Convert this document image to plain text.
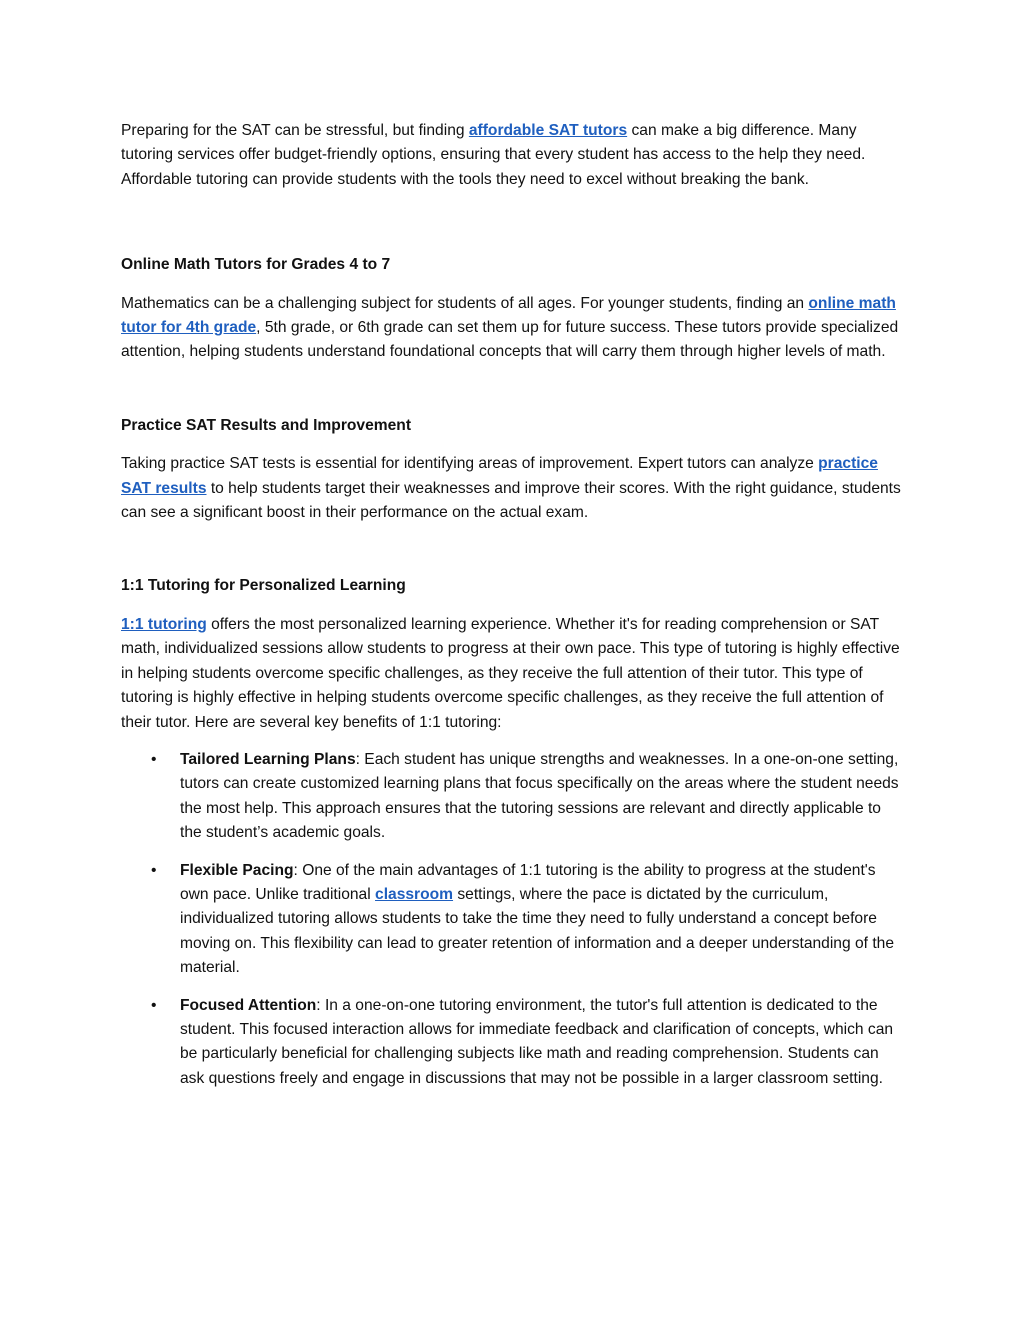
Preparing for the SAT can be stressful, but finding affordable SAT tutors can make a big difference. Many tutoring services offer budget-friendly options, ensuring that every student has access to the help they need. Affordable tutoring can provide students with the tools they need to excel without breaking the bank.

Online Math Tutors for Grades 4 to 7

Mathematics can be a challenging subject for students of all ages. For younger students, finding an online math tutor for 4th grade, 5th grade, or 6th grade can set them up for future success. These tutors provide specialized attention, helping students understand foundational concepts that will carry them through higher levels of math.

Practice SAT Results and Improvement

Taking practice SAT tests is essential for identifying areas of improvement. Expert tutors can analyze practice SAT results to help students target their weaknesses and improve their scores. With the right guidance, students can see a significant boost in their performance on the actual exam.

1:1 Tutoring for Personalized Learning

1:1 tutoring offers the most personalized learning experience. Whether it's for reading comprehension or SAT math, individualized sessions allow students to progress at their own pace. This type of tutoring is highly effective in helping students overcome specific challenges, as they receive the full attention of their tutor. This type of tutoring is highly effective in helping students overcome specific challenges, as they receive the full attention of their tutor. Here are several key benefits of 1:1 tutoring:

• Tailored Learning Plans: Each student has unique strengths and weaknesses. In a one-on-one setting, tutors can create customized learning plans that focus specifically on the areas where the student needs the most help. This approach ensures that the tutoring sessions are relevant and directly applicable to the student’s academic goals.
• Flexible Pacing: One of the main advantages of 1:1 tutoring is the ability to progress at the student's own pace. Unlike traditional classroom settings, where the pace is dictated by the curriculum, individualized tutoring allows students to take the time they need to fully understand a concept before moving on. This flexibility can lead to greater retention of information and a deeper understanding of the material.
• Focused Attention: In a one-on-one tutoring environment, the tutor's full attention is dedicated to the student. This focused interaction allows for immediate feedback and clarification of concepts, which can be particularly beneficial for challenging subjects like math and reading comprehension. Students can ask questions freely and engage in discussions that may not be possible in a larger classroom setting.
